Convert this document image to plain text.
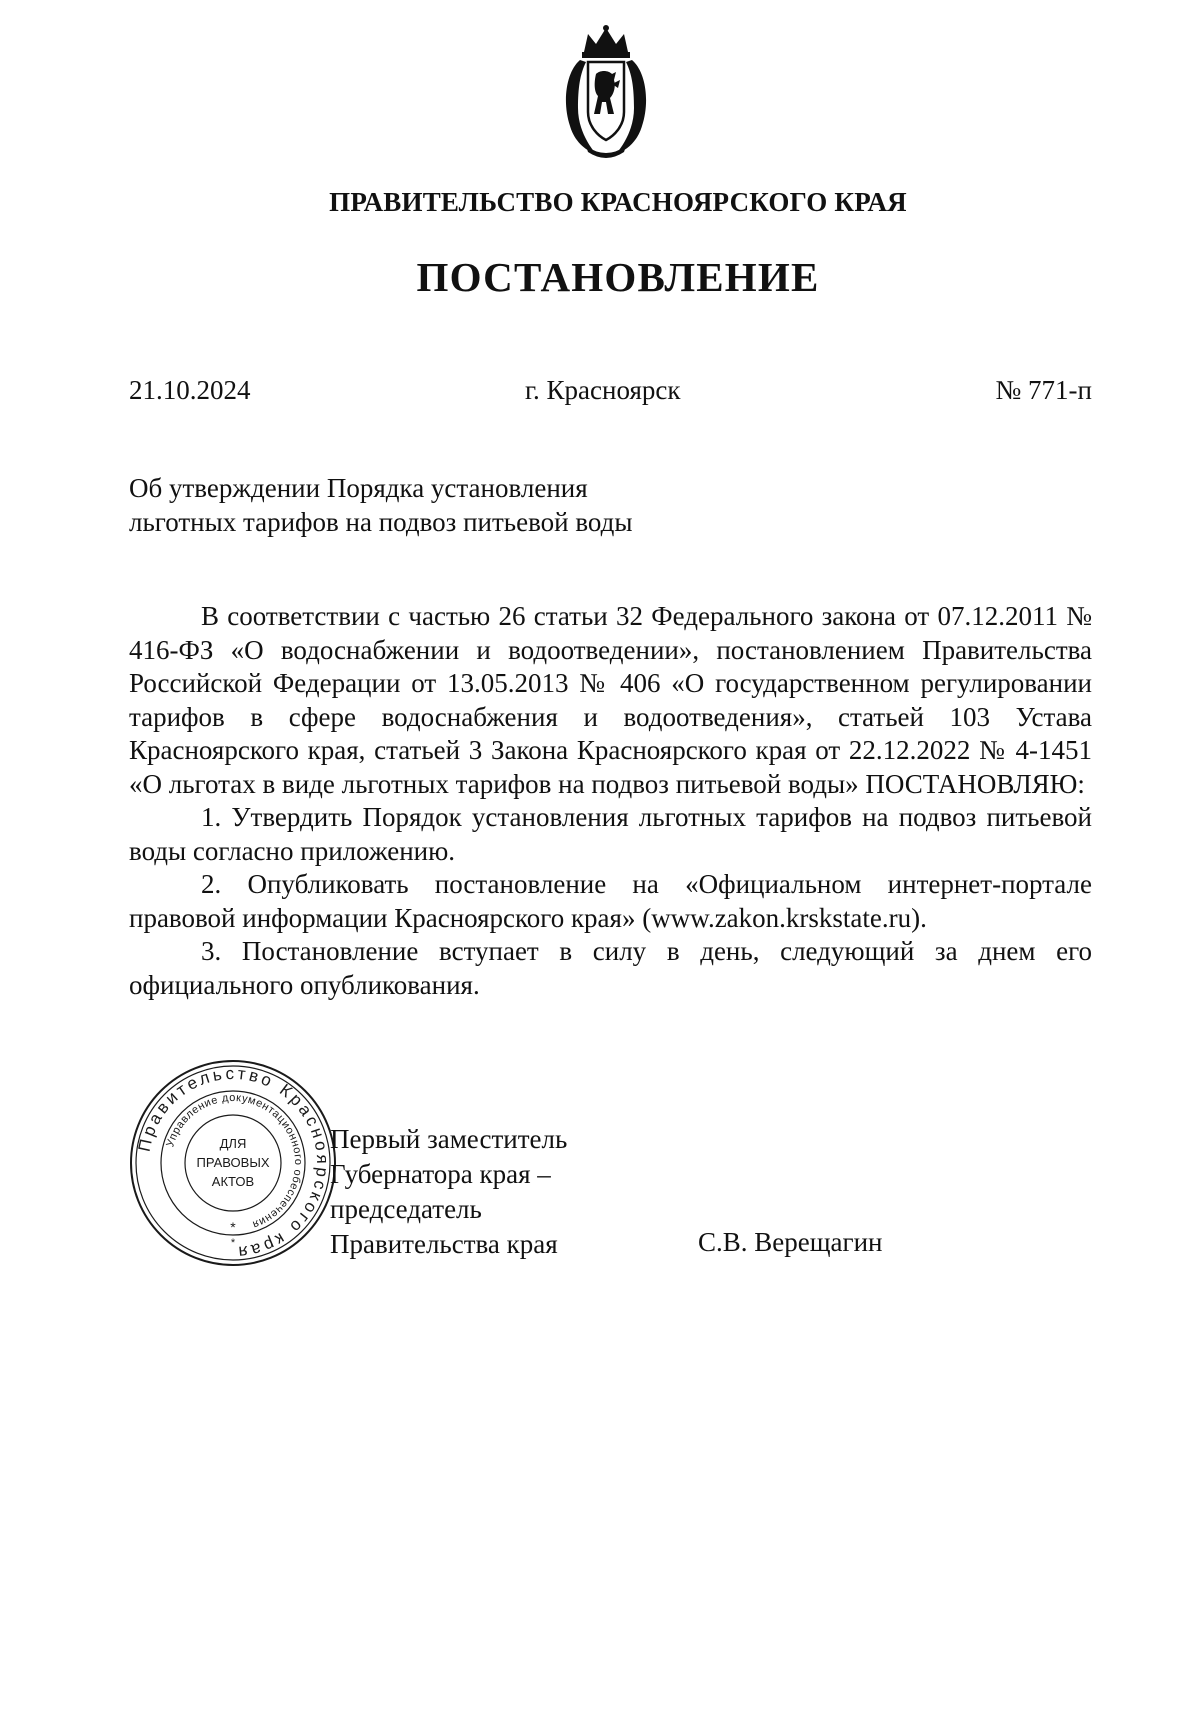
ПРАВИТЕЛЬСТВО КРАСНОЯРСКОГО КРАЯ
ПОСТАНОВЛЕНИЕ
21.10.2024	г. Красноярск	№ 771-п
Об утверждении Порядка установления
льготных тарифов на подвоз питьевой воды

В соответствии с частью 26 статьи 32 Федерального закона от 07.12.2011 № 416-ФЗ «О водоснабжении и водоотведении», постановлением Правительства Российской Федерации от 13.05.2013 № 406 «О государственном регулировании тарифов в сфере водоснабжения и водоотведения», статьей 103 Устава Красноярского края, статьей 3 Закона Красноярского края от 22.12.2022 № 4-1451 «О льготах в виде льготных тарифов на подвоз питьевой воды» ПОСТАНОВЛЯЮ:

1. Утвердить Порядок установления льготных тарифов на подвоз питьевой воды согласно приложению.

2. Опубликовать постановление на «Официальном интернет-портале правовой информации Красноярского края» (www.zakon.krskstate.ru).

3. Постановление вступает в силу в день, следующий за днем его официального опубликования.

Правительство Красноярского края
Управление документационного обеспечения
ДЛЯ
ПРАВОВЫХ
АКТОВ
*
*
Первый заместитель
Губернатора края –
председатель
Правительства края	С.В. Верещагин
